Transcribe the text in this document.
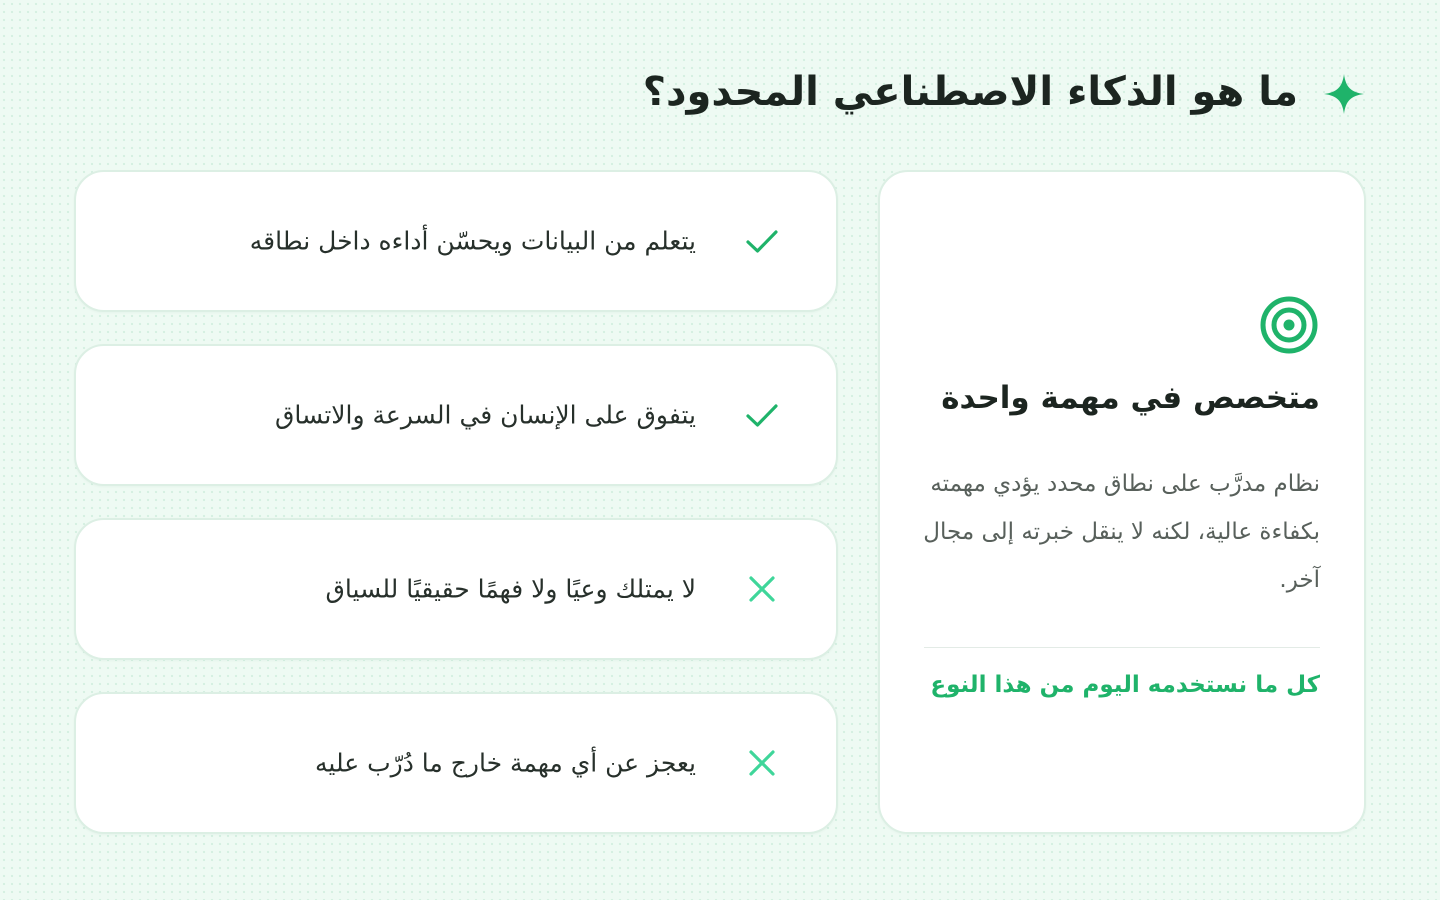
ما هو الذكاء الاصطناعي المحدود؟
يتعلم من البيانات ويحسّن أداءه داخل نطاقه
يتفوق على الإنسان في السرعة والاتساق
لا يمتلك وعيًا ولا فهمًا حقيقيًا للسياق
يعجز عن أي مهمة خارج ما دُرّب عليه
متخصص في مهمة واحدة

نظام مدرَّب على نطاق محدد يؤدي مهمته بكفاءة عالية، لكنه لا ينقل خبرته إلى مجال آخر.

كل ما نستخدمه اليوم من هذا النوع
